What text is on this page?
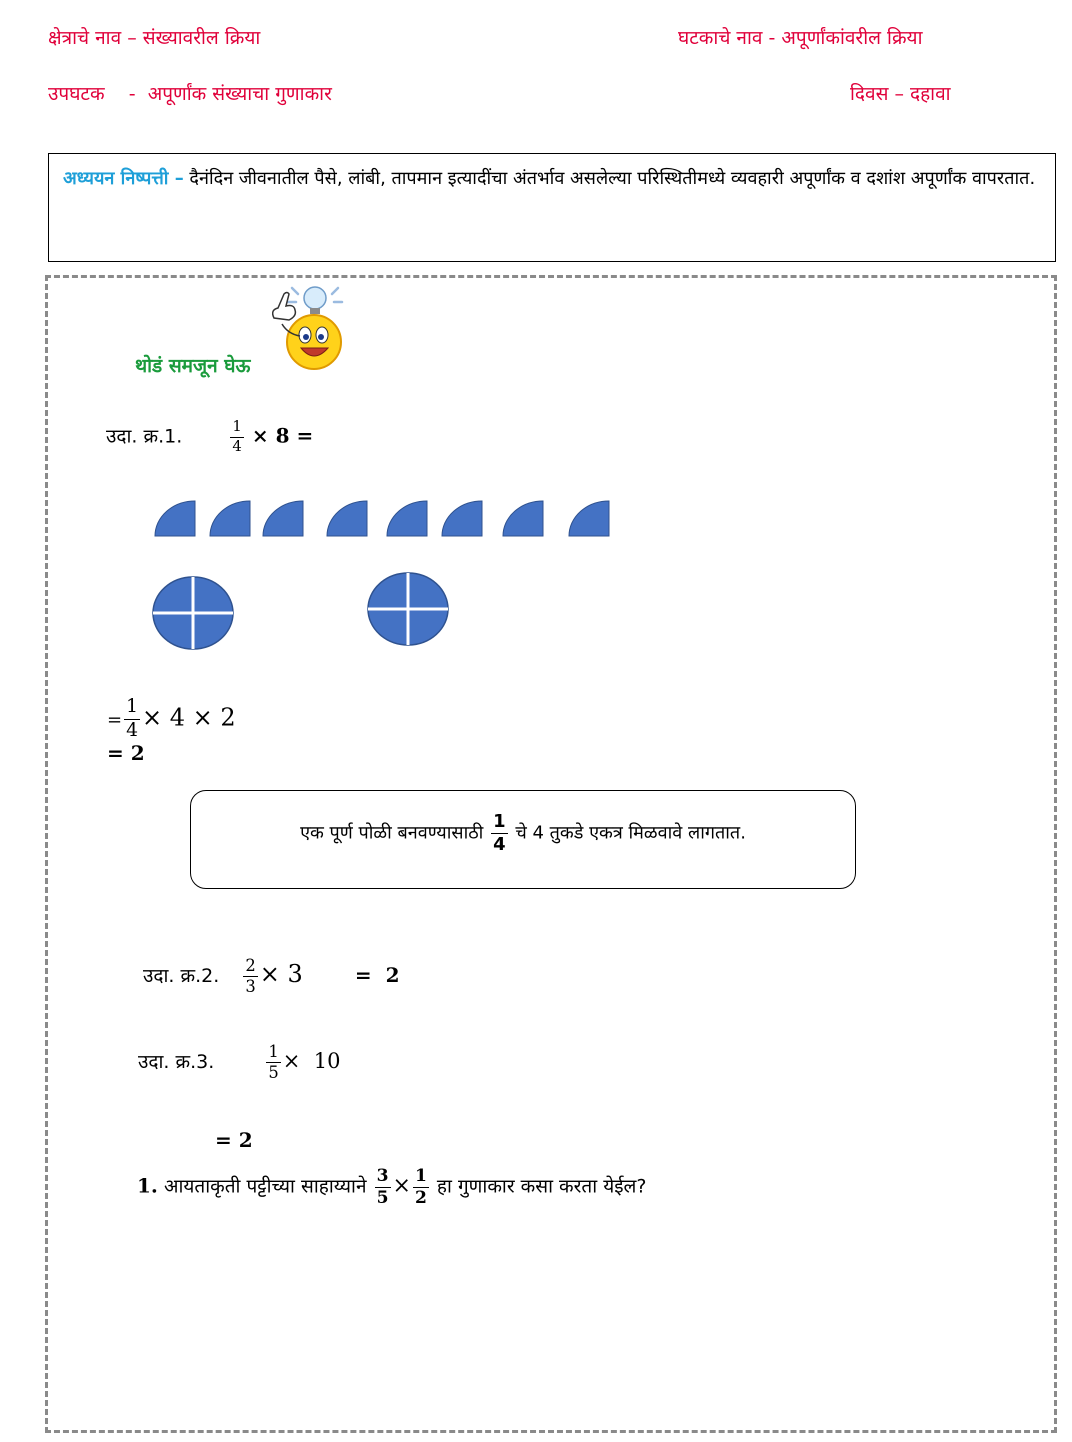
क्षेत्राचे नाव – संख्यावरील क्रिया	घटकाचे नाव - अपूर्णांकांवरील क्रिया
उपघटक    -  अपूर्णांक संख्याचा गुणाकार	दिवस – दहावा
अध्ययन निष्पत्ती – दैनंदिन जीवनातील पैसे, लांबी, तापमान इत्यादींचा अंतर्भाव असलेल्या परिस्थितीमध्ये व्यवहारी अपूर्णांक व दशांश अपूर्णांक वापरतात.
थोडं समजून घेऊ
उदा. क्र.1.	$\frac{1}{4} \times 8$ =
= $\frac{1}{4} \times 4 \times 2$
= 2
एक पूर्ण पोळी बनवण्यासाठी $\frac{1}{4}$ चे 4 तुकडे एकत्र मिळवावे लागतात.
उदा. क्र.2. $\frac{2}{3} \times 3$	=  2
उदा. क्र.3.	$\frac{1}{5} \times 10$
= 2
1. आयताकृती पट्टीच्या साहाय्याने $\frac{3}{5} \times \frac{1}{2}$ हा गुणाकार कसा करता येईल?
